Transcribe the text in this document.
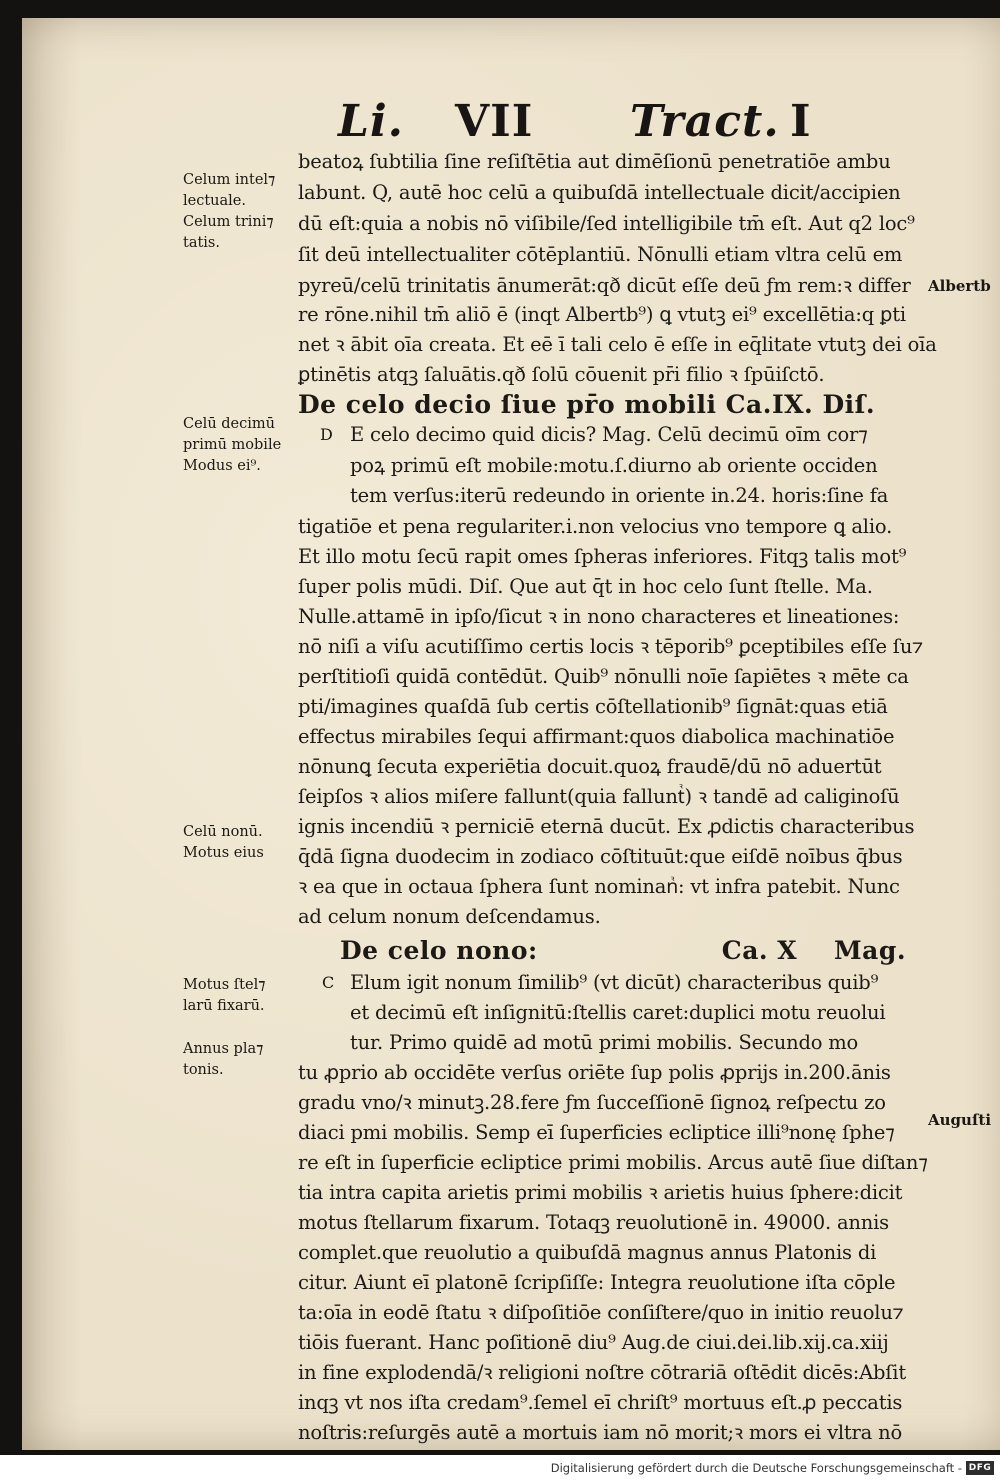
Li. VII Tract. I
beatoꝝ ſubtilia ſine reſiſtētia aut dimēſionū penetratiōe ambu
labunt. Q, autē hoc celū a quibuſdā intellectuale dicit/accipien
dū eſt:quia a nobis nō viſibile/ſed intelligibile tm̄ eſt. Aut q2 loc⁹
ſit deū intellectualiter cōtēplantiū. Nōnulli etiam vltra celū em
pyreū/celū trinitatis ānumerāt:qð dicūt eſſe deū ƒm rem:ꝛ differ
re rōne.nihil tm̄ aliō ē (inqt Albertb⁹) ꝗ vtutꝫ ei⁹ excellētia:q ꝑti
net ꝛ ābit oīa creata. Et eē ī tali celo ē eſſe in eq̄litate vtutꝫ dei oīa
ꝑtinētis atqꝫ ſaluātis.qð ſolū cōuenit pr̄i filio ꝛ ſpūiſctō.
De celo decio ſiue pr̄o mobili Ca.IX. Diſ.
E celo decimo quid dicis? Mag. Celū decimū oīm cor⁊
poꝝ primū eſt mobile:motu.ſ.diurno ab oriente occiden
tem verſus:iterū redeundo in oriente in.24. horis:ſine fa
tigatiōe et pena regulariter.i.non velocius vno tempore ꝗ alio.
Et illo motu ſecū rapit omes ſpheras inferiores. Fitqꝫ talis mot⁹
ſuper polis mūdi. Diſ. Que aut q̄t in hoc celo ſunt ſtelle. Ma.
Nulle.attamē in ipſo/ſicut ꝛ in nono characteres et lineationes:
nō niſi a viſu acutiſſimo certis locis ꝛ tēporib⁹ ꝑceptibiles eſſe ſu⁊
perſtitioſi quidā contēdūt. Quib⁹ nōnulli noīe ſapiētes ꝛ mēte ca
pti/imagines quaſdā ſub certis cōſtellationib⁹ ſignāt:quas etiā
effectus mirabiles ſequi affirmant:quos diabolica machinatiōe
nōnunꝗ ſecuta experiētia docuit.quoꝝ fraudē/dū nō aduertūt
ſeipſos ꝛ alios miſere fallunt(quia falluntᷣ) ꝛ tandē ad caliginoſū
ignis incendiū ꝛ perniciē eternā ducūt. Ex ꝓdictis characteribus
q̄dā ſigna duodecim in zodiaco cōſtituūt:que eiſdē noībus q̄bus
ꝛ ea que in octaua ſphera ſunt nominanᷣ: vt infra patebit. Nunc
ad celum nonum deſcendamus.
De celo nono:                    Ca. X    Mag.
Elum igit nonum ſimilib⁹ (vt dicūt) characteribus quib⁹
et decimū eſt inſignitū:ſtellis caret:duplici motu reuolui
tur. Primo quidē ad motū primi mobilis. Secundo mo
tu ꝓprio ab occidēte verſus oriēte ſup polis ꝓprijs in.200.ānis
gradu vno/ꝛ minutꝫ.28.fere ƒm ſucceſſionē ſignoꝝ reſpectu zo
diaci pmi mobilis. Semp eī ſuperficies ecliptice illi⁹nonę ſphe⁊
re eſt in ſuperficie ecliptice primi mobilis. Arcus autē ſiue diſtan⁊
tia intra capita arietis primi mobilis ꝛ arietis huius ſphere:dicit
motus ſtellarum fixarum. Totaqꝫ reuolutionē in. 49000. annis
complet.que reuolutio a quibuſdā magnus annus Platonis di
citur. Aiunt eī platonē ſcripſiſſe: Integra reuolutione iſta cōple
ta:oīa in eodē ſtatu ꝛ diſpoſitiōe conſiſtere/quo in initio reuolu⁊
tiōis fuerant. Hanc poſitionē diu⁹ Aug.de ciui.dei.lib.xij.ca.xiij
in fine explodendā/ꝛ religioni noſtre cōtrariā oſtēdit dicēs:Abſit
inqꝫ vt nos iſta credam⁹.ſemel eī chriſt⁹ mortuus eſt.ꝓ peccatis
noſtris:reſurgēs autē a mortuis iam nō morit;ꝛ mors ei vltra nō
D
C
Celum intel⁊
lectuale.
Celum trini⁊
tatis.
Celū decimū
primū mobile
Modus ei⁹.
Celū nonū.
Motus eius
Motus ſtel⁊
larū fixarū.
Annus pla⁊
tonis.
Albertb
Auguſti
Digitalisierung gefördert durch die Deutsche Forschungsgemeinschaft - DFG
